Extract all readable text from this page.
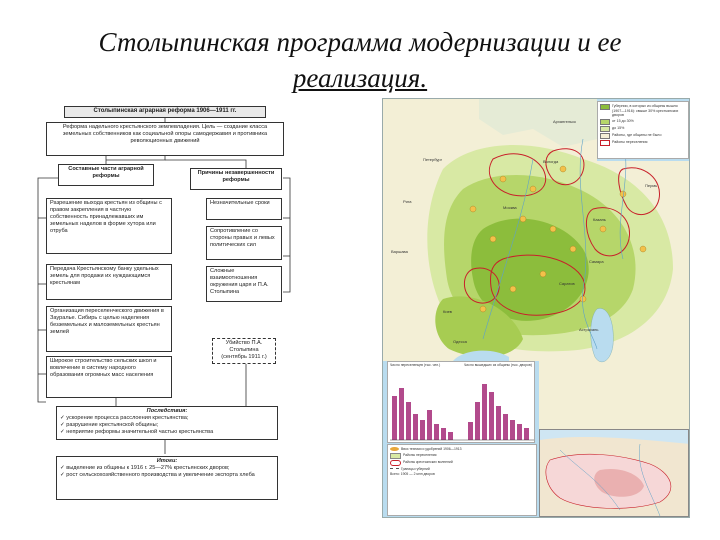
Столыпинская программа модернизации и ее
реализация.
Столыпинская аграрная реформа 1906—1911 гг.
Реформа надельного крестьянского землевладения. Цель — создание класса земельных собственников как социальной опоры самодержавия и противника революционных движений
Составные части аграрной реформы	Причины незавершенности реформы
Разрешение выхода крестьян из общины с правом закрепления в частную собственность принадлежавших им земельных наделов в форме хутора или отруба
Передача Крестьянскому банку удельных земель для продажи их нуждающимся крестьянам
Организация переселенческого движения в Зауралье. Сибирь с целью наделения безземельных и малоземельных крестьян землей
Широкое строительство сельских школ и вовлечение в систему народного образования огромных масс населения
Незначительные сроки
Сопротивление со стороны правых и левых политических сил
Сложные взаимоотношения окружения царя и П.А. Столыпина
Убийство П.А. Столыпина (сентябрь 1911 г.)
Последствия:
✓ ускорение процесса расслоения крестьянства;
✓ разрушение крестьянской общины;
✓ неприятие реформы значительной частью крестьянства
Итоги:
✓ выделение из общины к 1916 г. 25—27% крестьянских дворов;
✓ рост сельскохозяйственного производства и увеличение экспорта хлеба
Губернии, в которых из общины вышло (1907—1916): свыше 30% крестьянских дворов
от 15 до 30%
до 15%
Районы, где общины не было
Районы переселения
Петербург
Москва
Варшава
Киев
Одесса
Казань
Самара
Саратов
Астрахань
Архангельск
Вологда
Пермь
Рига
Число переселенцев (тыс. чел.)	Число вышедших из общины (тыс. дворов)
Ввоз техники и удобрений 1906—1913
Районы переселения
Районы крестьянских волнений
Границы губерний
Всего: 1905 — 2 млн дворов
